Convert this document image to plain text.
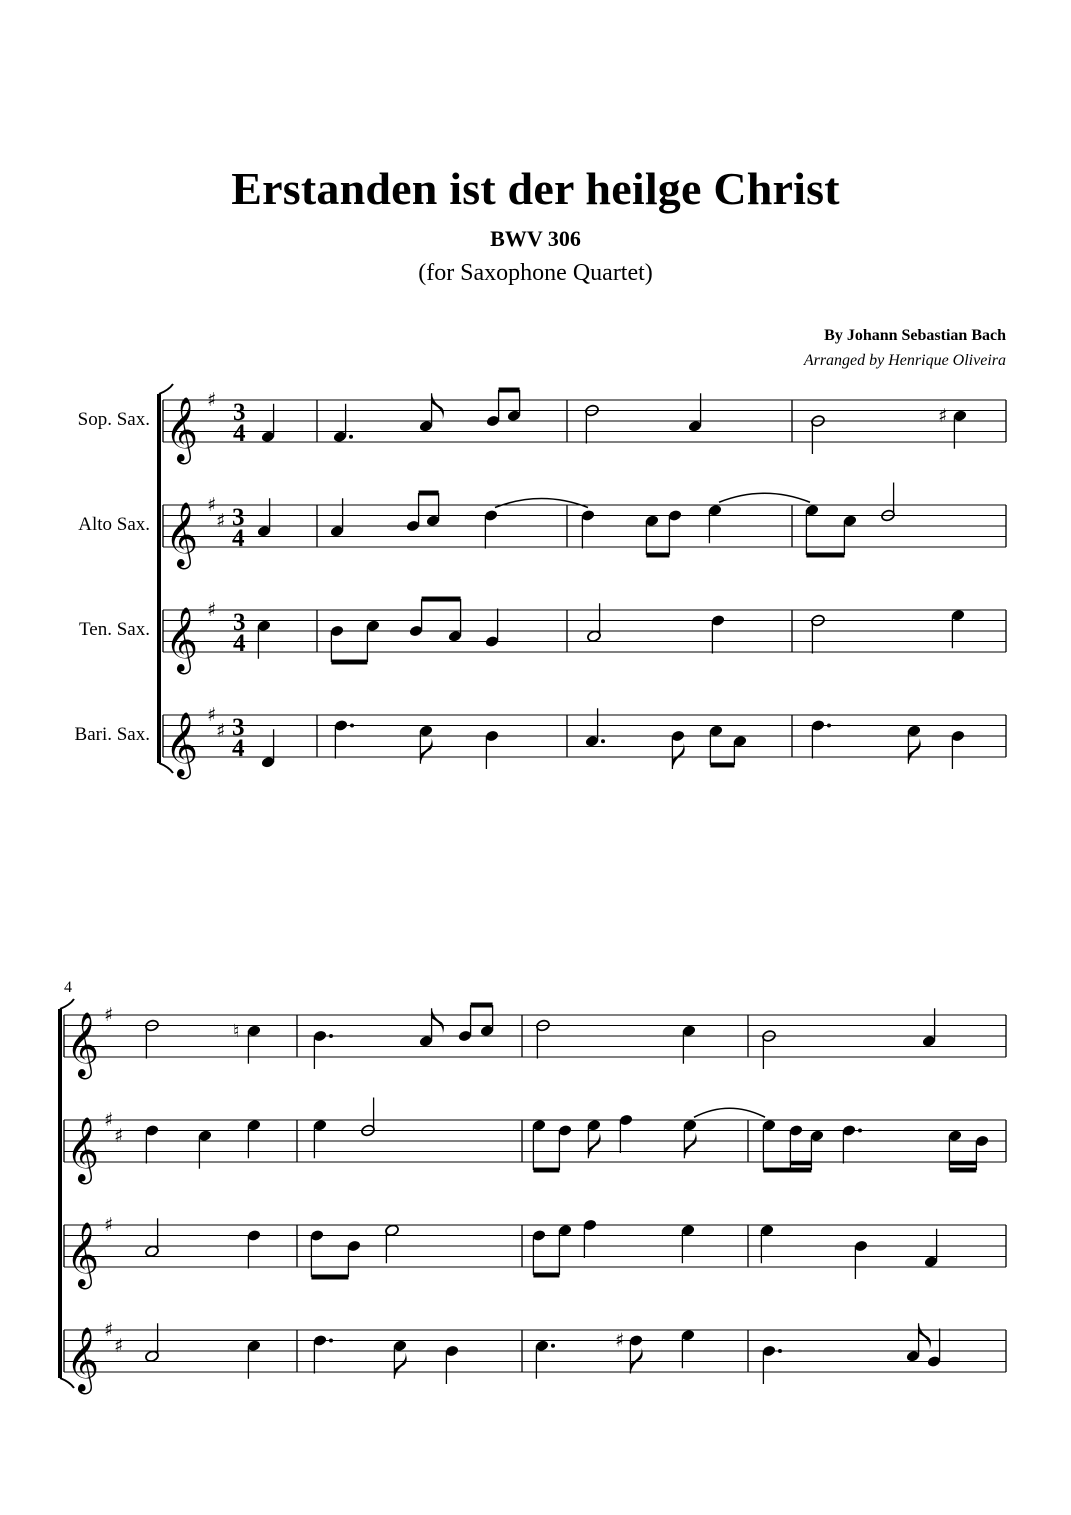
Erstanden ist der heilge Christ
BWV 306
(for Saxophone Quartet)
By Johann Sebastian Bach
Arranged by Henrique Oliveira
Sop. Sax.
Alto Sax.
Ten. Sax.
Bari. Sax.
4
𝄞 ♯ 3
4
𝄞 ♯
♯ 3
4
𝄞 ♯ 3
4
𝄞 ♯
♯ 3
4
♯
𝄞 ♯
𝄞 ♯
♯
𝄞 ♯
𝄞 ♯
♯
♮
♯
